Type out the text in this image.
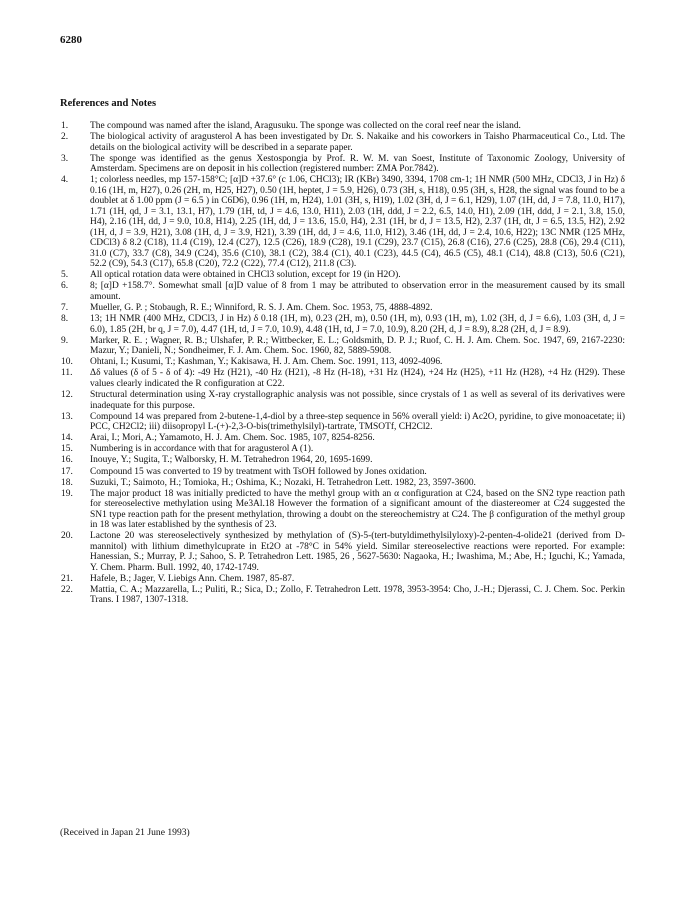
6280
References and Notes
1.	The compound was named after the island, Aragusuku. The sponge was collected on the coral reef near the island.
2.	The biological activity of aragusterol A has been investigated by Dr. S. Nakaike and his coworkers in Taisho Pharmaceutical Co., Ltd. The details on the biological activity will be described in a separate paper.
3.	The sponge was identified as the genus Xestospongia by Prof. R. W. M. van Soest, Institute of Taxonomic Zoology, University of Amsterdam. Specimens are on deposit in his collection (registered number: ZMA Por.7842).
4.	1; colorless needles, mp 157-158°C; [α]D +37.6° (c 1.06, CHCl3); IR (KBr) 3490, 3394, 1708 cm-1; 1H NMR (500 MHz, CDCl3, J in Hz) δ 0.16 (1H, m, H27), 0.26 (2H, m, H25, H27), 0.50 (1H, heptet, J = 5.9, H26), 0.73 (3H, s, H18), 0.95 (3H, s, H28, the signal was found to be a doublet at δ 1.00 ppm (J = 6.5 ) in C6D6), 0.96 (1H, m, H24), 1.01 (3H, s, H19), 1.02 (3H, d, J = 6.1, H29), 1.07 (1H, dd, J = 7.8, 11.0, H17), 1.71 (1H, qd, J = 3.1, 13.1, H7), 1.79 (1H, td, J = 4.6, 13.0, H11), 2.03 (1H, ddd, J = 2.2, 6.5, 14.0, H1), 2.09 (1H, ddd, J = 2.1, 3.8, 15.0, H4), 2.16 (1H, dd, J = 9.0, 10.8, H14), 2.25 (1H, dd, J = 13.6, 15.0, H4), 2.31 (1H, br d, J = 13.5, H2), 2.37 (1H, dt, J = 6.5, 13.5, H2), 2.92 (1H, d, J = 3.9, H21), 3.08 (1H, d, J = 3.9, H21), 3.39 (1H, dd, J = 4.6, 11.0, H12), 3.46 (1H, dd, J = 2.4, 10.6, H22); 13C NMR (125 MHz, CDCl3) δ 8.2 (C18), 11.4 (C19), 12.4 (C27), 12.5 (C26), 18.9 (C28), 19.1 (C29), 23.7 (C15), 26.8 (C16), 27.6 (C25), 28.8 (C6), 29.4 (C11), 31.0 (C7), 33.7 (C8), 34.9 (C24), 35.6 (C10), 38.1 (C2), 38.4 (C1), 40.1 (C23), 44.5 (C4), 46.5 (C5), 48.1 (C14), 48.8 (C13), 50.6 (C21), 52.2 (C9), 54.3 (C17), 65.8 (C20), 72.2 (C22), 77.4 (C12), 211.8 (C3).
5.	All optical rotation data were obtained in CHCl3 solution, except for 19 (in H2O).
6.	8; [α]D +158.7°. Somewhat small [α]D value of 8 from 1 may be attributed to observation error in the measurement caused by its small amount.
7.	Mueller, G. P. ; Stobaugh, R. E.; Winniford, R. S. J. Am. Chem. Soc. 1953, 75, 4888-4892.
8.	13; 1H NMR (400 MHz, CDCl3, J in Hz) δ 0.18 (1H, m), 0.23 (2H, m), 0.50 (1H, m), 0.93 (1H, m), 1.02 (3H, d, J = 6.6), 1.03 (3H, d, J = 6.0), 1.85 (2H, br q, J = 7.0), 4.47 (1H, td, J = 7.0, 10.9), 4.48 (1H, td, J = 7.0, 10.9), 8.20 (2H, d, J = 8.9), 8.28 (2H, d, J = 8.9).
9.	Marker, R. E. ; Wagner, R. B.; Ulshafer, P. R.; Wittbecker, E. L.; Goldsmith, D. P. J.; Ruof, C. H. J. Am. Chem. Soc. 1947, 69, 2167-2230: Mazur, Y.; Danieli, N.; Sondheimer, F. J. Am. Chem. Soc. 1960, 82, 5889-5908.
10.	Ohtani, I.; Kusumi, T.; Kashman, Y.; Kakisawa, H. J. Am. Chem. Soc. 1991, 113, 4092-4096.
11.	Δδ values (δ of 5 - δ of 4): -49 Hz (H21), -40 Hz (H21), -8 Hz (H-18), +31 Hz (H24), +24 Hz (H25), +11 Hz (H28), +4 Hz (H29). These values clearly indicated the R configuration at C22.
12.	Structural determination using X-ray crystallographic analysis was not possible, since crystals of 1 as well as several of its derivatives were inadequate for this purpose.
13.	Compound 14 was prepared from 2-butene-1,4-diol by a three-step sequence in 56% overall yield: i) Ac2O, pyridine, to give monoacetate; ii) PCC, CH2Cl2; iii) diisopropyl L-(+)-2,3-O-bis(trimethylsilyl)-tartrate, TMSOTf, CH2Cl2.
14.	Arai, I.; Mori, A.; Yamamoto, H. J. Am. Chem. Soc. 1985, 107, 8254-8256.
15.	Numbering is in accordance with that for aragusterol A (1).
16.	Inouye, Y.; Sugita, T.; Walborsky, H. M. Tetrahedron 1964, 20, 1695-1699.
17.	Compound 15 was converted to 19 by treatment with TsOH followed by Jones oxidation.
18.	Suzuki, T.; Saimoto, H.; Tomioka, H.; Oshima, K.; Nozaki, H. Tetrahedron Lett. 1982, 23, 3597-3600.
19.	The major product 18 was initially predicted to have the methyl group with an α configuration at C24, based on the SN2 type reaction path for stereoselective methylation using Me3Al.18 However the formation of a significant amount of the diastereomer at C24 suggested the SN1 type reaction path for the present methylation, throwing a doubt on the stereochemistry at C24. The β configuration of the methyl group in 18 was later established by the synthesis of 23.
20.	Lactone 20 was stereoselectively synthesized by methylation of (S)-5-(tert-butyldimethylsilyloxy)-2-penten-4-olide21 (derived from D-mannitol) with lithium dimethylcuprate in Et2O at -78°C in 54% yield. Similar stereoselective reactions were reported. For example: Hanessian, S.; Murray, P. J.; Sahoo, S. P. Tetrahedron Lett. 1985, 26 , 5627-5630: Nagaoka, H.; Iwashima, M.; Abe, H.; Iguchi, K.; Yamada, Y. Chem. Pharm. Bull. 1992, 40, 1742-1749.
21.	Hafele, B.; Jager, V. Liebigs Ann. Chem. 1987, 85-87.
22.	Mattia, C. A.; Mazzarella, L.; Puliti, R.; Sica, D.; Zollo, F. Tetrahedron Lett. 1978, 3953-3954: Cho, J.-H.; Djerassi, C. J. Chem. Soc. Perkin Trans. I 1987, 1307-1318.
(Received in Japan 21 June 1993)
